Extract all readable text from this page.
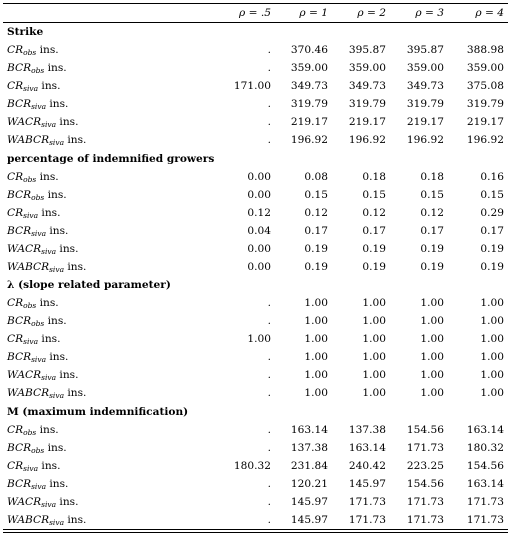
	ρ = .5	ρ = 1	ρ = 2	ρ = 3	ρ = 4

Strike					
$CR_{obs}$ ins.	.	370.46	395.87	395.87	388.98
$BCR_{obs}$ ins.	.	359.00	359.00	359.00	359.00
$CR_{siva}$ ins.	171.00	349.73	349.73	349.73	375.08
$BCR_{siva}$ ins.	.	319.79	319.79	319.79	319.79
$WACR_{siva}$ ins.	.	219.17	219.17	219.17	219.17
$WABCR_{siva}$ ins.	.	196.92	196.92	196.92	196.92
percentage of indemnified growers					
$CR_{obs}$ ins.	0.00	0.08	0.18	0.18	0.16
$BCR_{obs}$ ins.	0.00	0.15	0.15	0.15	0.15
$CR_{siva}$ ins.	0.12	0.12	0.12	0.12	0.29
$BCR_{siva}$ ins.	0.04	0.17	0.17	0.17	0.17
$WACR_{siva}$ ins.	0.00	0.19	0.19	0.19	0.19
$WABCR_{siva}$ ins.	0.00	0.19	0.19	0.19	0.19
λ (slope related parameter)					
$CR_{obs}$ ins.	.	1.00	1.00	1.00	1.00
$BCR_{obs}$ ins.	.	1.00	1.00	1.00	1.00
$CR_{siva}$ ins.	1.00	1.00	1.00	1.00	1.00
$BCR_{siva}$ ins.	.	1.00	1.00	1.00	1.00
$WACR_{siva}$ ins.	.	1.00	1.00	1.00	1.00
$WABCR_{siva}$ ins.	.	1.00	1.00	1.00	1.00
M (maximum indemnification)					
$CR_{obs}$ ins.	.	163.14	137.38	154.56	163.14
$BCR_{obs}$ ins.	.	137.38	163.14	171.73	180.32
$CR_{siva}$ ins.	180.32	231.84	240.42	223.25	154.56
$BCR_{siva}$ ins.	.	120.21	145.97	154.56	163.14
$WACR_{siva}$ ins.	.	145.97	171.73	171.73	171.73
$WABCR_{siva}$ ins.	.	145.97	171.73	171.73	171.73
